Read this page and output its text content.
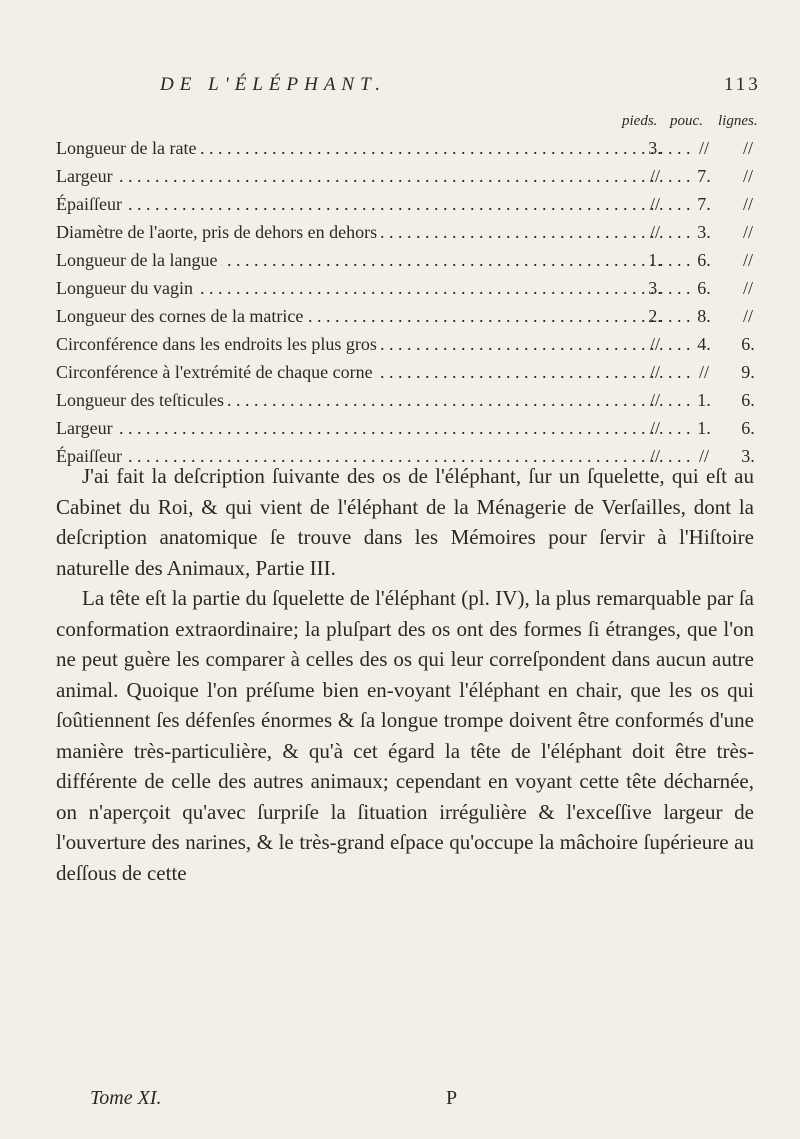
DE L'ÉLÉPHANT.	113
pieds. pouc. lignes.
Longueur de la rate . . .	3.	//	//
Largeur . . .	//	7.	//
Épaiſſeur . . .	//	7.	//
Diamètre de l'aorte, pris de dehors en dehors . . .	//	3.	//
Longueur de la langue . . .	1.	6.	//
Longueur du vagin . . .	3.	6.	//
Longueur des cornes de la matrice . . .	2.	8.	//
Circonférence dans les endroits les plus gros . . .	//	4.	6.
Circonférence à l'extrémité de chaque corne . . .	//	//	9.
Longueur des teſticules . . .	//	1.	6.
Largeur . . .	//	1.	6.
Épaiſſeur . . .	//	//	3.

J'ai fait la deſcription ſuivante des os de l'éléphant, ſur un ſquelette, qui eſt au Cabinet du Roi, & qui vient de l'éléphant de la Ménagerie de Verſailles, dont la deſcription anatomique ſe trouve dans les Mémoires pour ſervir à l'Hiſtoire naturelle des Animaux, Partie III.

La tête eſt la partie du ſquelette de l'éléphant (pl. IV), la plus remarquable par ſa conformation extraordinaire; la pluſpart des os ont des formes ſi étranges, que l'on ne peut guère les comparer à celles des os qui leur correſpondent dans aucun autre animal. Quoique l'on préſume bien en-voyant l'éléphant en chair, que les os qui ſoûtiennent ſes défenſes énormes & ſa longue trompe doivent être conformés d'une manière très-particulière, & qu'à cet égard la tête de l'éléphant doit être très-différente de celle des autres animaux; cependant en voyant cette tête décharnée, on n'aperçoit qu'avec ſurpriſe la ſituation irrégulière & l'exceſſive largeur de l'ouverture des narines, & le très-grand eſpace qu'occupe la mâchoire ſupérieure au deſſous de cette

Tome XI.	P
